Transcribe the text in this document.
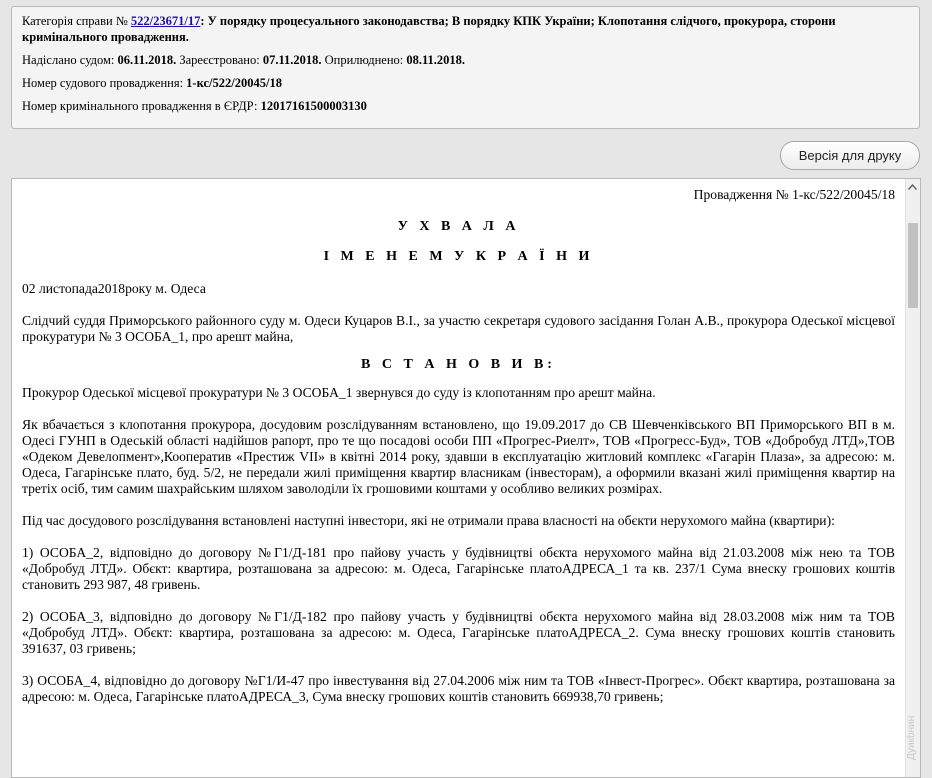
Категорія справи № 522/23671/17: У порядку процесуального законодавства; В порядку КПК України; Клопотання слідчого, прокурора, сторони кримінального провадження.
Надіслано судом: 06.11.2018. Зареєстровано: 07.11.2018. Оприлюднено: 08.11.2018.
Номер судового провадження: 1-кс/522/20045/18
Номер кримінального провадження в ЄРДР: 12017161500003130
Версія для друку

Провадження № 1-кс/522/20045/18

У Х В А Л А

І М Е Н Е М У К Р А Ї Н И

02 листопада2018року м. Одеса

Слідчий суддя Приморського районного суду м. Одеси Куцаров В.І., за участю секретаря судового засідання Голан А.В., прокурора Одеської місцевої прокуратури № 3 ОСОБА_1, про арешт майна,

В С Т А Н О В И В:

Прокурор Одеської місцевої прокуратури № 3 ОСОБА_1 звернувся до суду із клопотанням про арешт майна.

Як вбачається з клопотання прокурора, досудовим розслідуванням встановлено, що 19.09.2017 до СВ Шевченківського ВП Приморського ВП в м. Одесі ГУНП в Одеській області надійшов рапорт, про те що посадові особи ПП «Прогрес-Риелт», ТОВ «Прогресс-Буд», ТОВ «Добробуд ЛТД»,ТОВ «Одеком Девелопмент»,Кооператив «Престиж VII» в квітні 2014 року, здавши в експлуатацію житловий комплекс «Гагарін Плаза», за адресою: м. Одеса, Гагарінське плато, буд. 5/2, не передали жилі приміщення квартир власникам (інвесторам), а оформили вказані жилі приміщення квартир на третіх осіб, тим самим шахрайським шляхом заволоділи їх грошовими коштами у особливо великих розмірах.

Під час досудового розслідування встановлені наступні інвестори, які не отримали права власності на обєкти нерухомого майна (квартири):

1) ОСОБА_2, відповідно до договору №Г1/Д-181 про пайову участь у будівництві обєкта нерухомого майна від 21.03.2008 між нею та ТОВ «Добробуд ЛТД». Обєкт: квартира, розташована за адресою: м. Одеса, Гагарінське платоАДРЕСА_1 та кв. 237/1 Сума внеску грошових коштів становить 293 987, 48 гривень.

2) ОСОБА_3, відповідно до договору №Г1/Д-182 про пайову участь у будівництві обєкта нерухомого майна від 28.03.2008 між ним та ТОВ «Добробуд ЛТД». Обєкт: квартира, розташована за адресою: м. Одеса, Гагарінське платоАДРЕСА_2. Сума внеску грошових коштів становить 391637, 03 гривень;

3) ОСОБА_4, відповідно до договору №Г1/И-47 про інвестування від 27.04.2006 між ним та ТОВ «Інвест-Прогрес». Обєкт квартира, розташована за адресою: м. Одеса, Гагарінське платоАДРЕСА_3, Сума внеску грошових коштів становить 669938,70 гривень;

Дуикbнин
